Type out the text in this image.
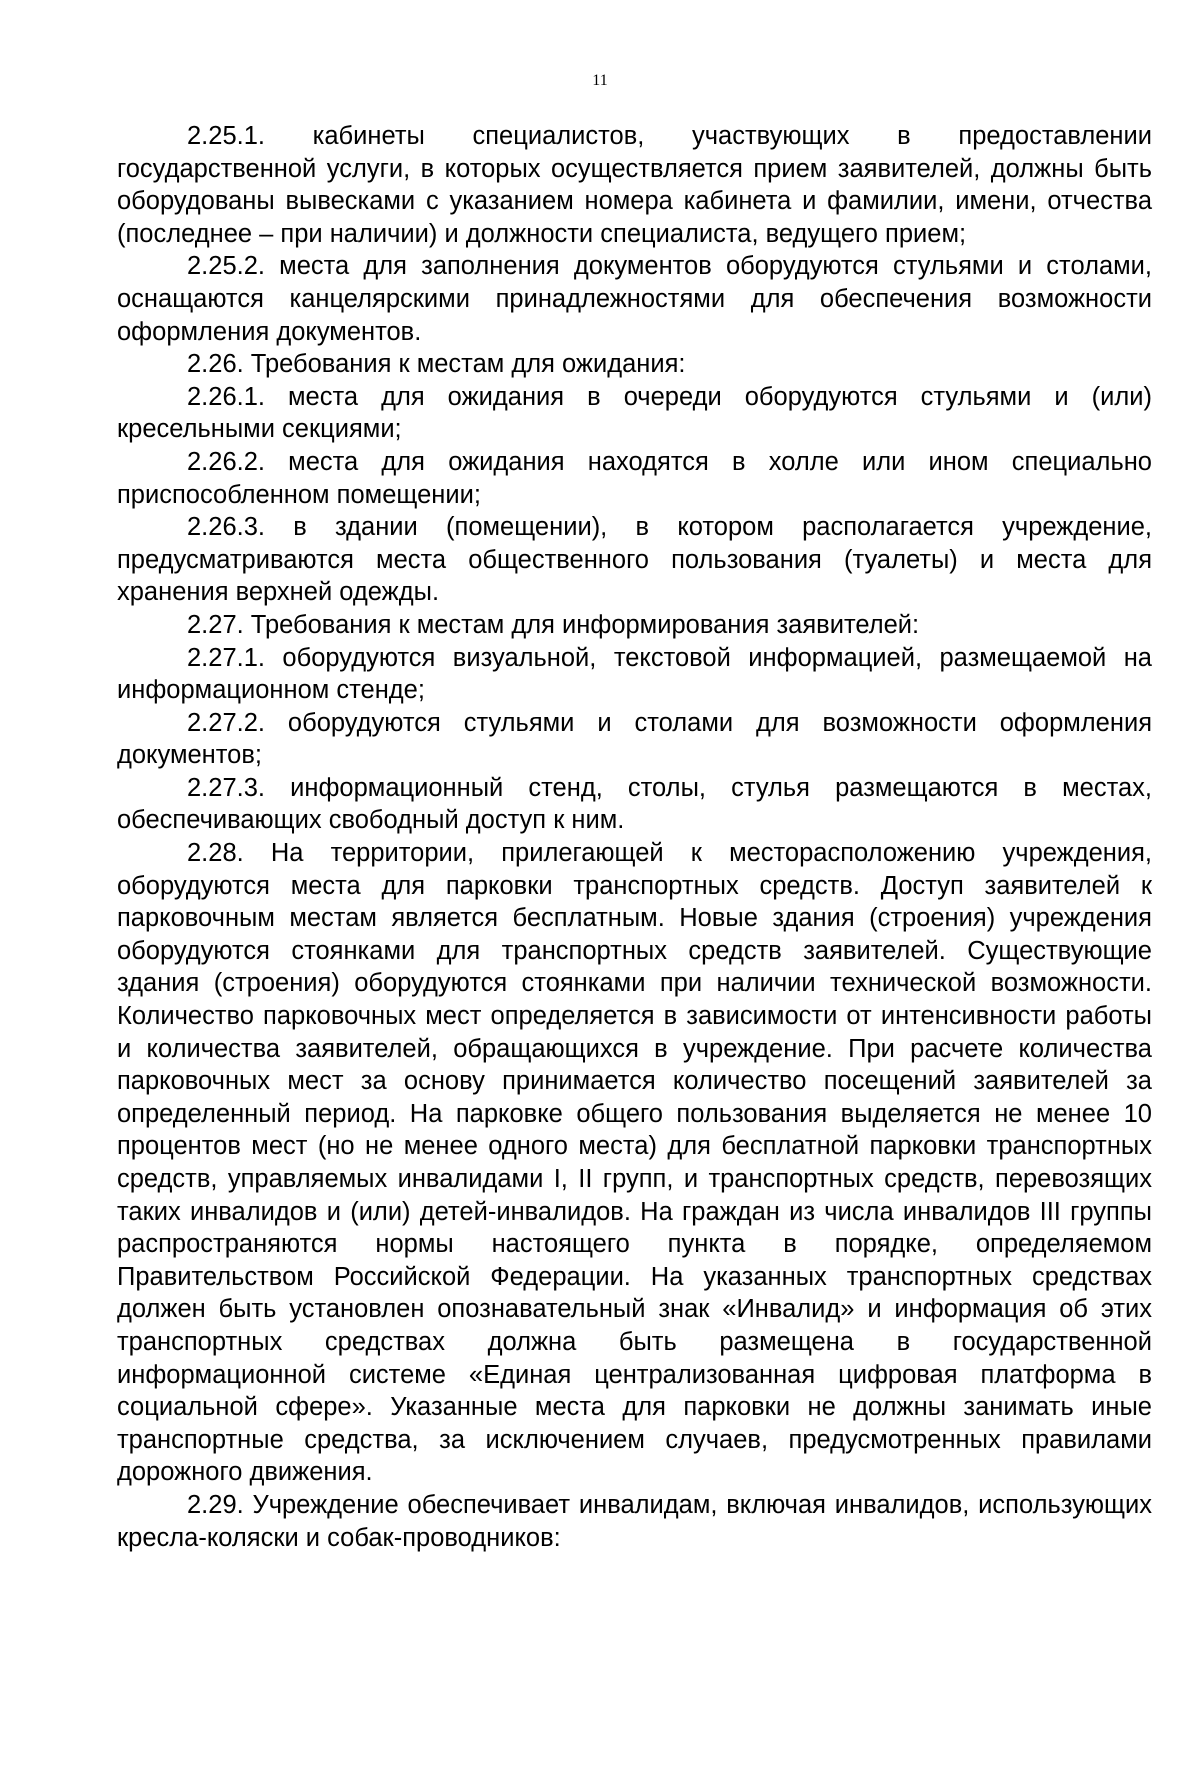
11

2.25.1. кабинеты специалистов, участвующих в предоставлении государственной услуги, в которых осуществляется прием заявителей, должны быть оборудованы вывесками с указанием номера кабинета и фамилии, имени, отчества (последнее – при наличии) и должности специалиста, ведущего прием;

2.25.2. места для заполнения документов оборудуются стульями и столами, оснащаются канцелярскими принадлежностями для обеспечения возможности оформления документов.

2.26. Требования к местам для ожидания:

2.26.1. места для ожидания в очереди оборудуются стульями и (или) кресельными секциями;

2.26.2. места для ожидания находятся в холле или ином специально приспособленном помещении;

2.26.3. в здании (помещении), в котором располагается учреждение, предусматриваются места общественного пользования (туалеты) и места для хранения верхней одежды.

2.27. Требования к местам для информирования заявителей:

2.27.1. оборудуются визуальной, текстовой информацией, размещаемой на информационном стенде;

2.27.2. оборудуются стульями и столами для возможности оформления документов;

2.27.3. информационный стенд, столы, стулья размещаются в местах, обеспечивающих свободный доступ к ним.

2.28. На территории, прилегающей к месторасположению учреждения, оборудуются места для парковки транспортных средств. Доступ заявителей к парковочным местам является бесплатным. Новые здания (строения) учреждения оборудуются стоянками для транспортных средств заявителей. Существующие здания (строения) оборудуются стоянками при наличии технической возможности. Количество парковочных мест определяется в зависимости от интенсивности работы и количества заявителей, обращающихся в учреждение. При расчете количества парковочных мест за основу принимается количество посещений заявителей за определенный период. На парковке общего пользования выделяется не менее 10 процентов мест (но не менее одного места) для бесплатной парковки транспортных средств, управляемых инвалидами I, II групп, и транспортных средств, перевозящих таких инвалидов и (или) детей-инвалидов. На граждан из числа инвалидов III группы распространяются нормы настоящего пункта в порядке, определяемом Правительством Российской Федерации. На указанных транспортных средствах должен быть установлен опознавательный знак «Инвалид» и информация об этих транспортных средствах должна быть размещена в государственной информационной системе «Единая централизованная цифровая платформа в социальной сфере». Указанные места для парковки не должны занимать иные транспортные средства, за исключением случаев, предусмотренных правилами дорожного движения.

2.29. Учреждение обеспечивает инвалидам, включая инвалидов, использующих кресла-коляски и собак-проводников:
